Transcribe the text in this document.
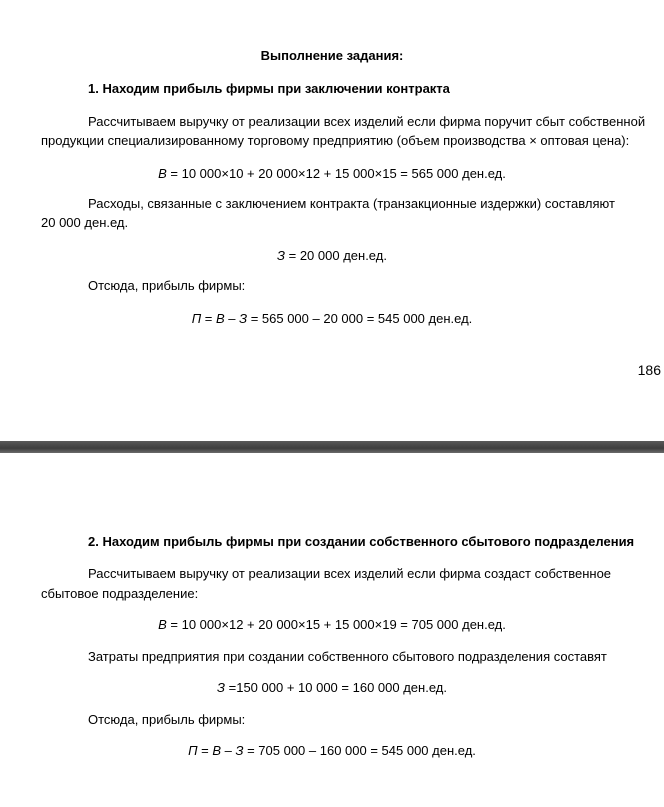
Выполнение задания:
1. Находим прибыль фирмы при заключении контракта
Рассчитываем выручку от реализации всех изделий если фирма поручит сбыт собственной
продукции специализированному торговому предприятию (объем производства × оптовая цена):
В = 10 000×10 + 20 000×12 + 15 000×15 = 565 000 ден.ед.
Расходы, связанные с заключением контракта (транзакционные издержки) составляют
20 000 ден.ед.
З = 20 000 ден.ед.
Отсюда, прибыль фирмы:
П = В – З = 565 000 – 20 000 = 545 000 ден.ед.
186
2. Находим прибыль фирмы при создании собственного сбытового подразделения
Рассчитываем выручку от реализации всех изделий если фирма создаст собственное
сбытовое подразделение:
В = 10 000×12 + 20 000×15 + 15 000×19 = 705 000 ден.ед.
Затраты предприятия при создании собственного сбытового подразделения составят
З =150 000 + 10 000 = 160 000 ден.ед.
Отсюда, прибыль фирмы:
П = В – З = 705 000 – 160 000 = 545 000 ден.ед.
